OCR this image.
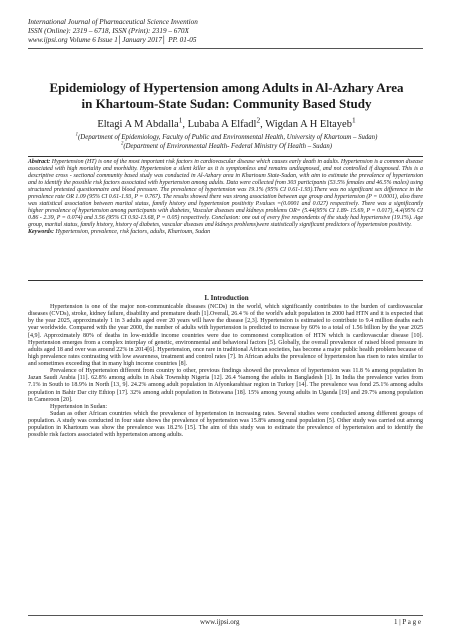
International Journal of Pharmaceutical Science Invention
ISSN (Online): 2319 – 6718, ISSN (Print): 2319 – 670X
www.ijpsi.org Volume 6 Issue 1│January 2017│ PP. 01-05
Epidemiology of Hypertension among Adults in Al-Azhary Area
in Khartoum-State Sudan: Community Based Study
Eltagi A M Abdalla$^1$, Lubaba A Elfadl$^2$, Wigdan A H Eltayeb$^1$
$^1$(Department of Epidemiology, Faculty of Public and Environmental Health, University of Khartoum – Sudan)
$^2$(Department of Environmental Health- Federal Ministry Of Health – Sudan)
Abstract: Hypertension (HT) is one of the most important risk factors in cardiovascular disease which causes early death in adults. Hypertension is a common disease associated with high mortality and morbidity. Hypertension a silent killer as it is symptomless and remains undiagnosed, and not controlled if diagnosed. This is a descriptive cross - sectional community based study was conducted in Al-Azhary area in Khartoum State-Sudan, with aim to estimate the prevalence of hypertension and to identify the possible risk factors associated with hypertension among adults. Data were collected from 303 participants (53.5% females and 46.5% males) using structured pretested questionnaire and blood pressure. The prevalence of hypertension was 19.1% (95% CI 0.61-1.93).There was no significant sex difference in the prevalence rate OR 1.09 (95% CI 0.61-1.93, P = 0.767). The results showed there was strong association between age group and hypertension (P = 0.0001), also there was statistical association between marital status, family history and hypertension positivity P.values =(0.0001 and 0.027) respectively. There was a significantly higher prevalence of hypertension among participants with diabetes, Vascular diseases and kidneys problems OR= (5.44(95% CI 1.89- 15.69, P = 0.017), 4.4(95% CI 0.86 - 2.39, P = 0.074) and 3.56 (95% CI 0.92-13.68, P = 0.05) respectively. Conclusion: one out of every five respondents of the study had hypertensive (19.1%). Age group, marital status, family history, history of diabetes, vascular diseases and kidneys problems)were statistically significant predictors of hypertension positivity.
Keywords: Hypertension, prevalence, risk factors, adults, Khartoum, Sudan
I. Introduction

Hypertension is one of the major non-communicable diseases (NCDs) in the world, which significantly contributes to the burden of cardiovascular diseases (CVDs), stroke, kidney failure, disability and premature death [1].Overall, 26.4 % of the world's adult population in 2000 had HTN and it is expected that by the year 2025, approximately 1 in 3 adults aged over 20 years will have the disease [2,3]. Hypertension is estimated to contribute to 9.4 million deaths each year worldwide. Compared with the year 2000, the number of adults with hypertension is predicted to increase by 60% to a total of 1.56 billion by the year 2025 [4,9]. Approximately 80% of deaths in low-middle income countries were due to commonest complication of HTN which is cardiovascular disease [10]. Hypertension emerges from a complex interplay of genetic, environmental and behavioral factors [5]. Globally, the overall prevalence of raised blood pressure in adults aged 18 and over was around 22% in 2014[6]. Hypertension, once rare in traditional African societies, has become a major public health problem because of high prevalence rates contrasting with low awareness, treatment and control rates [7]. In African adults the prevalence of hypertension has risen to rates similar to and sometimes exceeding that in many high income countries [8].

Prevalence of Hypertension different from country to other, previous findings showed the prevalence of hypertension was 11.8 % among population In Jazan Saudi Arabia [11]. 62.8% among adults in Abak Township Nigeria [12]. 26.4 %among the adults in Bangladesh [1]. In India the prevalence varies from 7.1% in South to 18.9% in North [13, 9]. 24.2% among adult population in Afyonkarahisar region in Turkey [14]. The prevalence was fond 25.1% among adults population in Bahir Dar city Ethiop [17]. 32% among adult population in Botswana [18]. 15% among young adults in Uganda [19] and 29.7% among population in Cameroon [20].

Hypertension in Sudan:

Sudan as other African countries which the prevalence of hypertension in increasing rates. Several studies were conducted among different groups of population. A study was conducted in four state shows the prevalence of hypertension was 15.8% among rural population [5]. Other study was carried out among population in Khartoum was show the prevalence was 18.2% [15]. The aim of this study was to estimate the prevalence of hypertension and to identify the possible risk factors associated with hypertension among adults.

www.ijpsi.org	1 | P a g e
